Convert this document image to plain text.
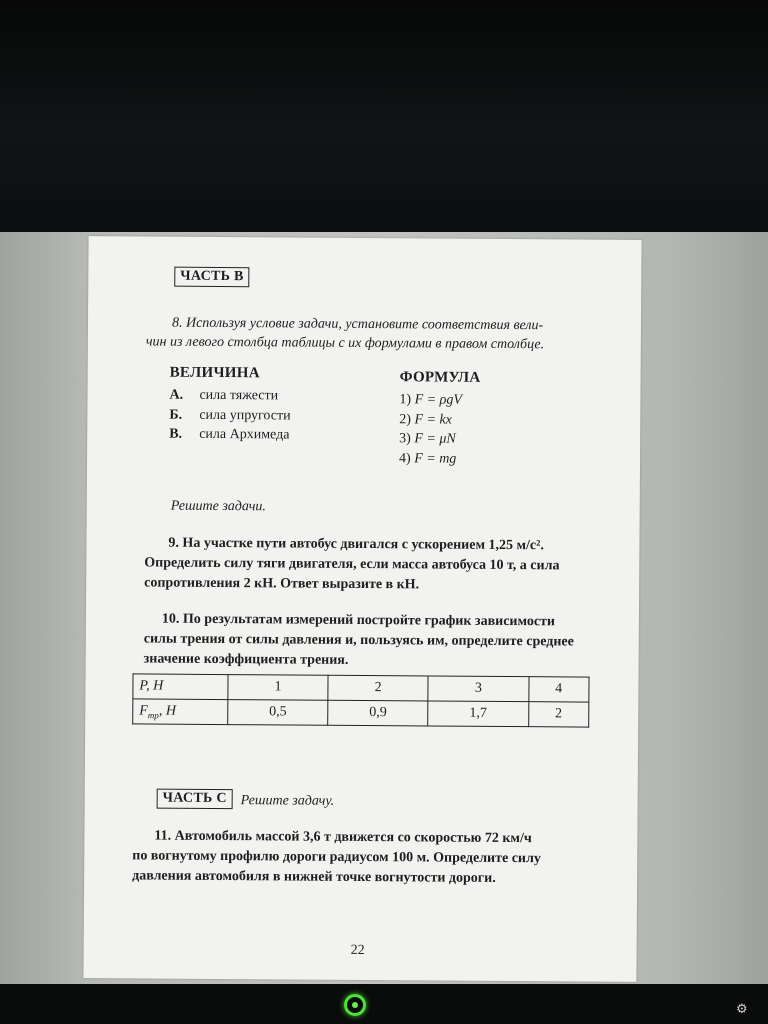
ЧАСТЬ В
8. Используя условие задачи, установите соответствия вели-
чин из левого столбца таблицы с их формулами в правом столбце.
ВЕЛИЧИНА
А.	сила тяжести
Б.	сила упругости
В.	сила Архимеда
ФОРМУЛА
1) F = ρgV
2) F = kx
3) F = μN
4) F = mg
Решите задачи.
9. На участке пути автобус двигался с ускорением 1,25 м/с².
Определить силу тяги двигателя, если масса автобуса 10 т, а сила
сопротивления 2 кН. Ответ выразите в кН.
10. По результатам измерений постройте график зависимости
силы трения от силы давления и, пользуясь им, определите среднее
значение коэффициента трения.
P, Н	1	2	3	4
$F_{тр}$, Н	0,5	0,9	1,7	2
ЧАСТЬ С Решите задачу.
11. Автомобиль массой 3,6 т движется со скоростью 72 км/ч
по вогнутому профилю дороги радиусом 100 м. Определите силу
давления автомобиля в нижней точке вогнутости дороги.
22
⚙
